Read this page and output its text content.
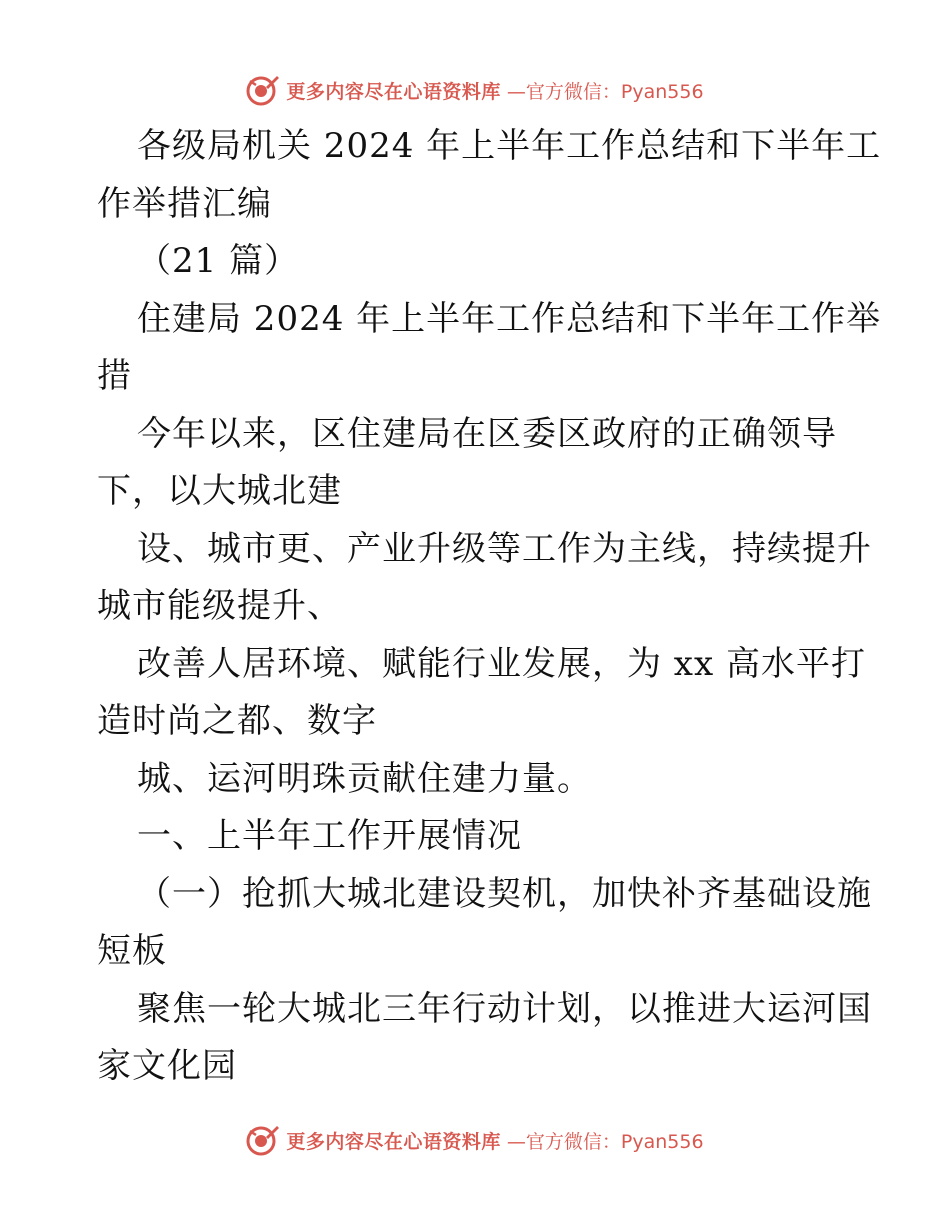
更多内容尽在心语资料库 —官方微信：Pyan556
各级局机关 2024 年上半年工作总结和下半年工
作举措汇编
（21 篇）
住建局 2024 年上半年工作总结和下半年工作举
措
今年以来，区住建局在区委区政府的正确领导
下，以大城北建
设、城市更、产业升级等工作为主线，持续提升
城市能级提升、
改善人居环境、赋能行业发展，为 xx 高水平打
造时尚之都、数字
城、运河明珠贡献住建力量。
一、上半年工作开展情况
（一）抢抓大城北建设契机，加快补齐基础设施
短板
聚焦一轮大城北三年行动计划，以推进大运河国
家文化园
更多内容尽在心语资料库 —官方微信：Pyan556
